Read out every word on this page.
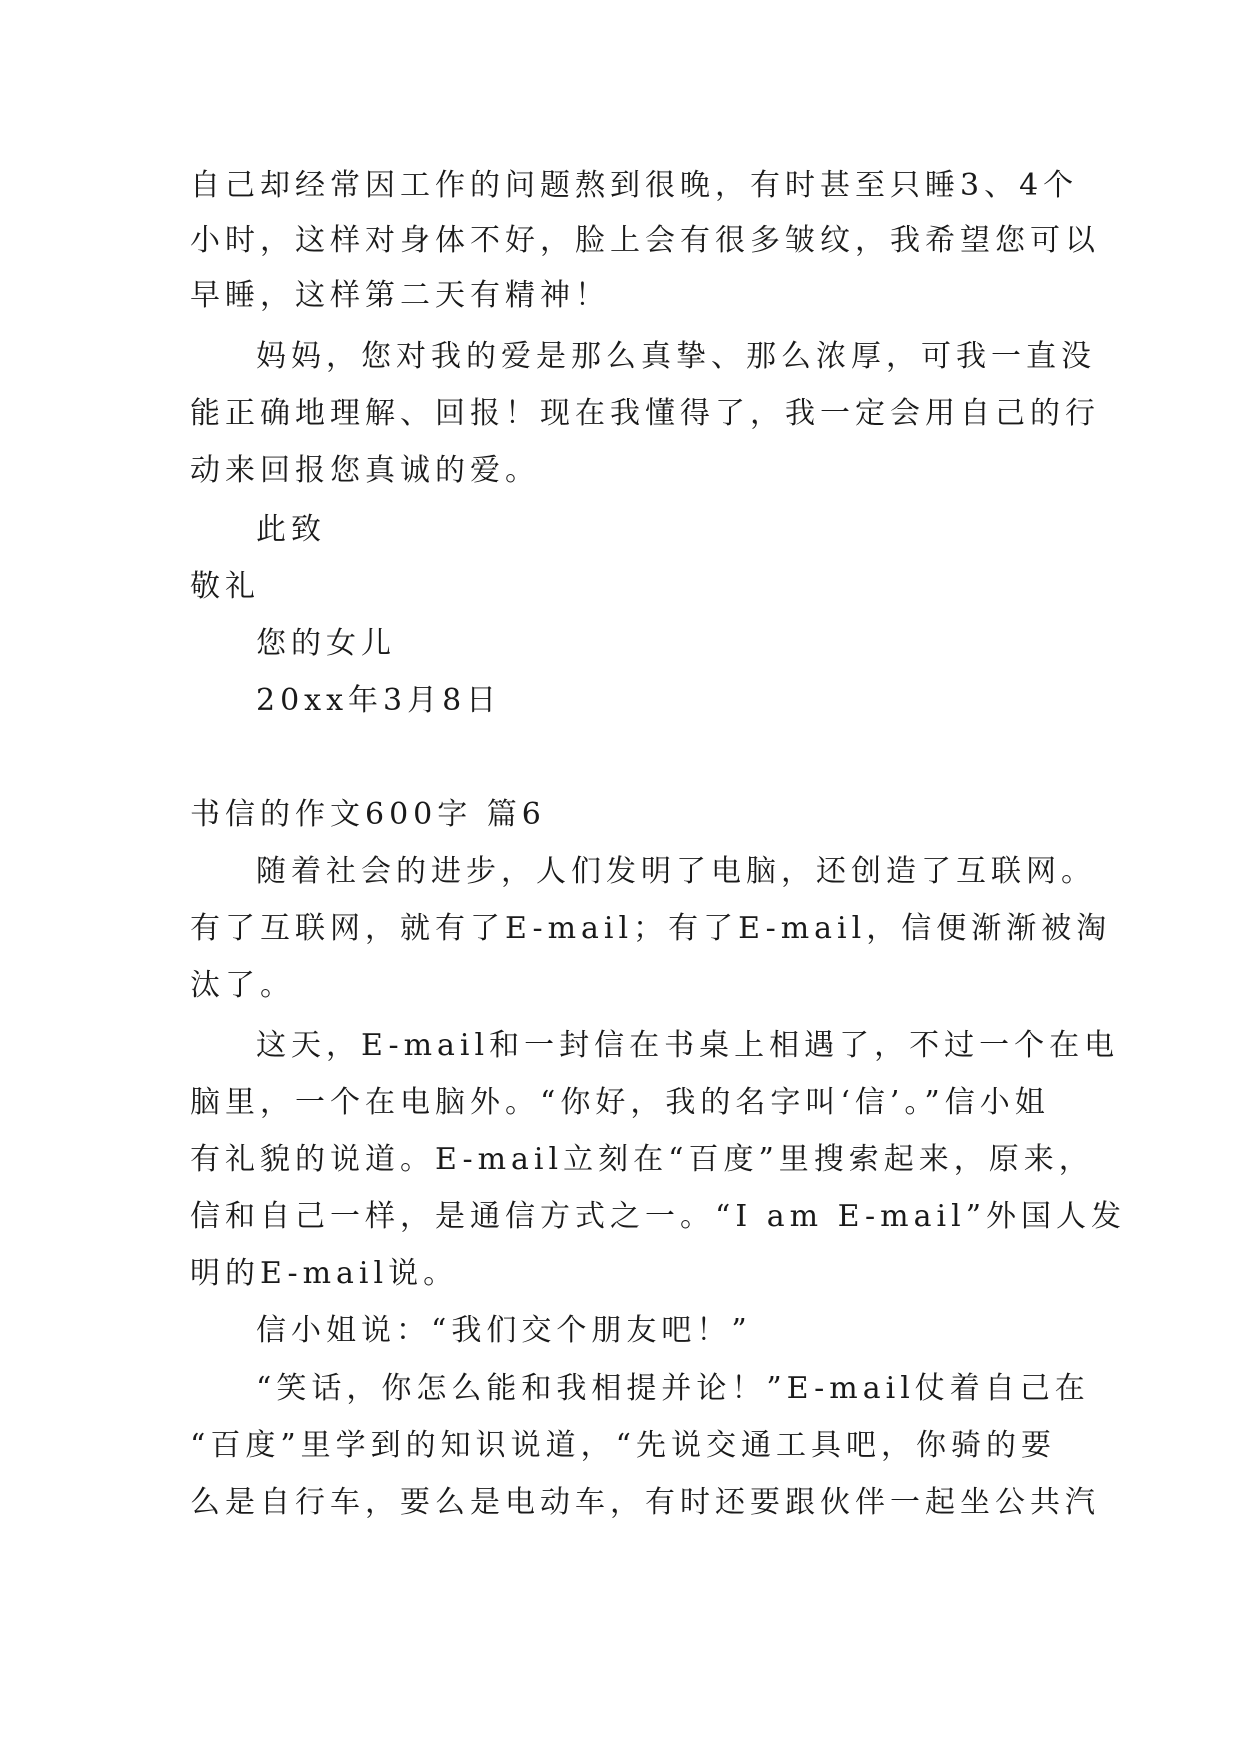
自己却经常因工作的问题熬到很晚，有时甚至只睡3、4个
小时，这样对身体不好，脸上会有很多皱纹，我希望您可以
早睡，这样第二天有精神！
妈妈，您对我的爱是那么真挚、那么浓厚，可我一直没
能正确地理解、回报！现在我懂得了，我一定会用自己的行
动来回报您真诚的爱。
此致
敬礼
您的女儿
20xx年3月8日
书信的作文600字 篇6
随着社会的进步，人们发明了电脑，还创造了互联网。
有了互联网，就有了E-mail；有了E-mail，信便渐渐被淘
汰了。
这天，E-mail和一封信在书桌上相遇了，不过一个在电
脑里，一个在电脑外。“你好，我的名字叫‘信’。”信小姐
有礼貌的说道。E-mail立刻在“百度”里搜索起来，原来，
信和自己一样，是通信方式之一。“I am E-mail”外国人发
明的E-mail说。
信小姐说：“我们交个朋友吧！”
“笑话，你怎么能和我相提并论！”E-mail仗着自己在
“百度”里学到的知识说道，“先说交通工具吧，你骑的要
么是自行车，要么是电动车，有时还要跟伙伴一起坐公共汽
